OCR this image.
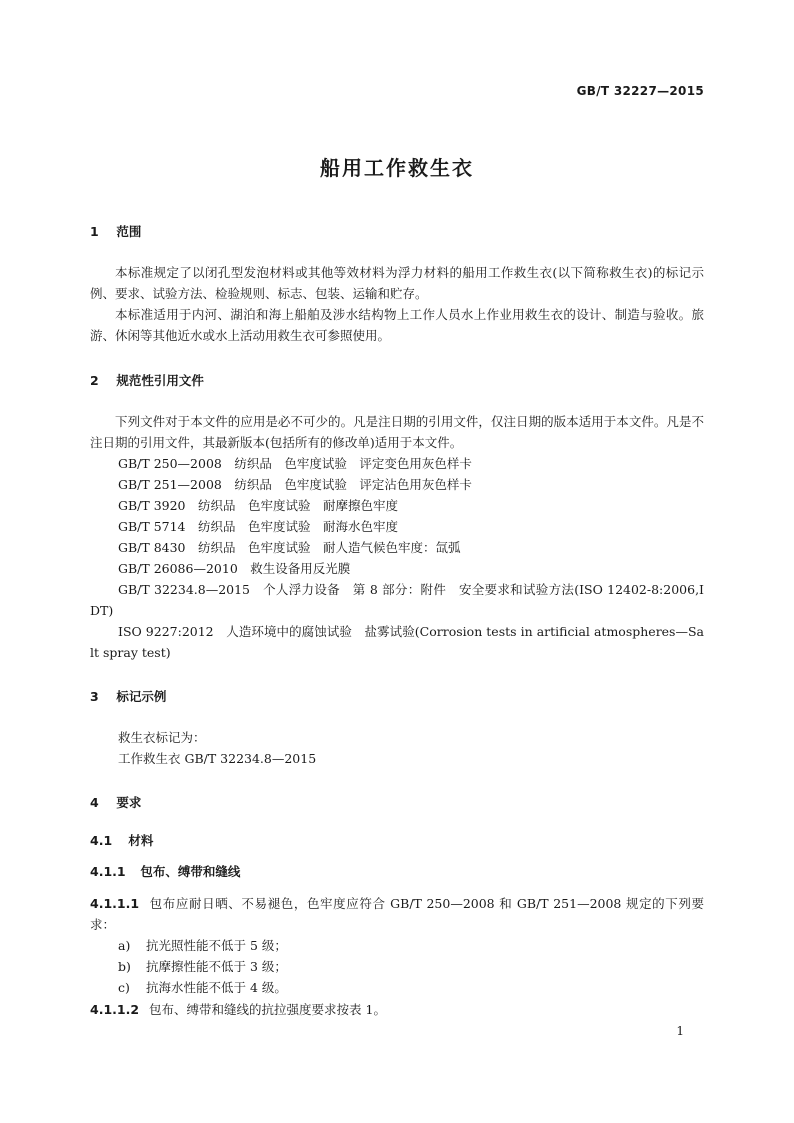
GB/T 32227—2015
船用工作救生衣
1 范围
本标准规定了以闭孔型发泡材料或其他等效材料为浮力材料的船用工作救生衣(以下简称救生衣)的标记示例、要求、试验方法、检验规则、标志、包装、运输和贮存。
本标准适用于内河、湖泊和海上船舶及涉水结构物上工作人员水上作业用救生衣的设计、制造与验收。旅游、休闲等其他近水或水上活动用救生衣可参照使用。
2 规范性引用文件
下列文件对于本文件的应用是必不可少的。凡是注日期的引用文件，仅注日期的版本适用于本文件。凡是不注日期的引用文件，其最新版本(包括所有的修改单)适用于本文件。
GB/T 250—2008　纺织品　色牢度试验　评定变色用灰色样卡
GB/T 251—2008　纺织品　色牢度试验　评定沾色用灰色样卡
GB/T 3920　纺织品　色牢度试验　耐摩擦色牢度
GB/T 5714　纺织品　色牢度试验　耐海水色牢度
GB/T 8430　纺织品　色牢度试验　耐人造气候色牢度：氙弧
GB/T 26086—2010　救生设备用反光膜
GB/T 32234.8—2015　个人浮力设备　第 8 部分：附件　安全要求和试验方法(ISO 12402-8:2006,IDT)
ISO 9227:2012　人造环境中的腐蚀试验　盐雾试验(Corrosion tests in artificial atmospheres—Salt spray test)
3 标记示例
救生衣标记为：
工作救生衣 GB/T 32234.8—2015
4 要求
4.1 材料
4.1.1 包布、缚带和缝线
4.1.1.1 包布应耐日晒、不易褪色，色牢度应符合 GB/T 250—2008 和 GB/T 251—2008 规定的下列要求：
a) 抗光照性能不低于 5 级；
b) 抗摩擦性能不低于 3 级；
c) 抗海水性能不低于 4 级。
4.1.1.2 包布、缚带和缝线的抗拉强度要求按表 1。
1
